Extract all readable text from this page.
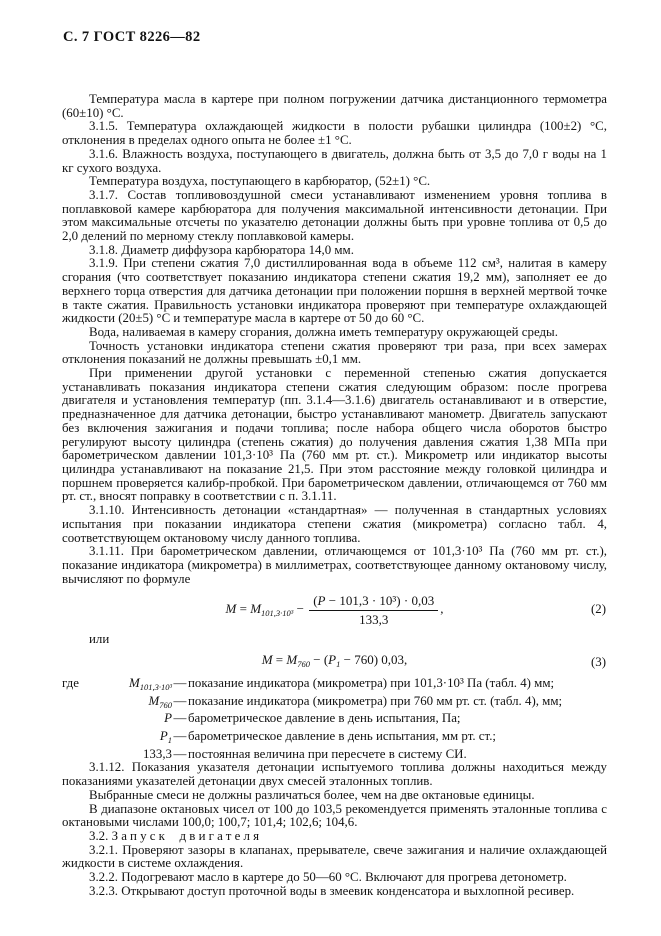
С. 7 ГОСТ 8226—82

Температура масла в картере при полном погружении датчика дистанционного термометра (60±10) °С.

3.1.5. Температура охлаждающей жидкости в полости рубашки цилиндра (100±2) °С, отклонения в пределах одного опыта не более ±1 °С.

3.1.6. Влажность воздуха, поступающего в двигатель, должна быть от 3,5 до 7,0 г воды на 1 кг сухого воздуха.

Температура воздуха, поступающего в карбюратор, (52±1) °С.

3.1.7. Состав топливовоздушной смеси устанавливают изменением уровня топлива в поплавковой камере карбюратора для получения максимальной интенсивности детонации. При этом максимальные отсчеты по указателю детонации должны быть при уровне топлива от 0,5 до 2,0 делений по мерному стеклу поплавковой камеры.

3.1.8. Диаметр диффузора карбюратора 14,0 мм.

3.1.9. При степени сжатия 7,0 дистиллированная вода в объеме 112 см³, налитая в камеру сгорания (что соответствует показанию индикатора степени сжатия 19,2 мм), заполняет ее до верхнего торца отверстия для датчика детонации при положении поршня в верхней мертвой точке в такте сжатия. Правильность установки индикатора проверяют при температуре охлаждающей жидкости (20±5) °С и температуре масла в картере от 50 до 60 °С.

Вода, наливаемая в камеру сгорания, должна иметь температуру окружающей среды.

Точность установки индикатора степени сжатия проверяют три раза, при всех замерах отклонения показаний не должны превышать ±0,1 мм.

При применении другой установки с переменной степенью сжатия допускается устанавливать показания индикатора степени сжатия следующим образом: после прогрева двигателя и установления температур (пп. 3.1.4—3.1.6) двигатель останавливают и в отверстие, предназначенное для датчика детонации, быстро устанавливают манометр. Двигатель запускают без включения зажигания и подачи топлива; после набора общего числа оборотов быстро регулируют высоту цилиндра (степень сжатия) до получения давления сжатия 1,38 МПа при барометрическом давлении 101,3·10³ Па (760 мм рт. ст.). Микрометр или индикатор высоты цилиндра устанавливают на показание 21,5. При этом расстояние между головкой цилиндра и поршнем проверяется калибр-пробкой. При барометрическом давлении, отличающемся от 760 мм рт. ст., вносят поправку в соответствии с п. 3.1.11.

3.1.10. Интенсивность детонации «стандартная» — полученная в стандартных условиях испытания при показании индикатора степени сжатия (микрометра) согласно табл. 4, соответствующем октановому числу данного топлива.

3.1.11. При барометрическом давлении, отличающемся от 101,3·10³ Па (760 мм рт. ст.), показание индикатора (микрометра) в миллиметрах, соответствующее данному октановому числу, вычисляют по формуле

$M = M_{101,3\cdot 10^3} - \frac{\text{(P − 101,3 · 10³) · 0,03}}{133,3}$ ,	(2)

или

$M = M_{760} - (P_1 - 760)$ 0,03,	(3)
где	$M_{101,3\cdot 10^3}$ — показание индикатора (микрометра) при 101,3·10³ Па (табл. 4) мм;
$M_{760}$ — показание индикатора (микрометра) при 760 мм рт. ст. (табл. 4), мм;
P — барометрическое давление в день испытания, Па;
$P_1$ — барометрическое давление в день испытания, мм рт. ст.;
133,3 — постоянная величина при пересчете в систему СИ.

3.1.12. Показания указателя детонации испытуемого топлива должны находиться между показаниями указателей детонации двух смесей эталонных топлив.

Выбранные смеси не должны различаться более, чем на две октановые единицы.

В диапазоне октановых чисел от 100 до 103,5 рекомендуется применять эталонные топлива с октановыми числами 100,0; 100,7; 101,4; 102,6; 104,6.

3.2. Запуск двигателя

3.2.1. Проверяют зазоры в клапанах, прерывателе, свече зажигания и наличие охлаждающей жидкости в системе охлаждения.

3.2.2. Подогревают масло в картере до 50—60 °С. Включают для прогрева детонометр.

3.2.3. Открывают доступ проточной воды в змеевик конденсатора и выхлопной ресивер.
